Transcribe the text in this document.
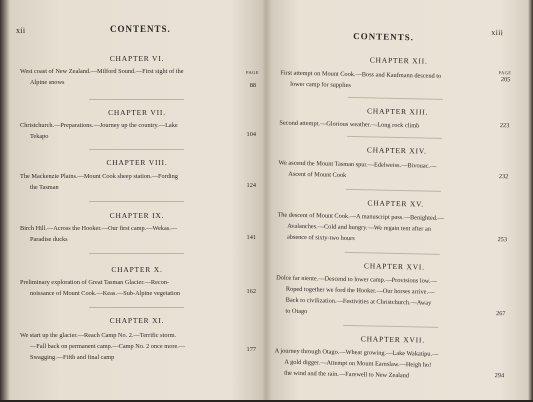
xii	CONTENTS.
CHAPTER VI.
West coast of New Zealand.—Milford Sound.—First sight of the
Alpine snows
PAGE
88
CHAPTER VII.
Christchurch.—Preparations.—Journey up the country.—Lake
Tekapo	104
CHAPTER VIII.
The Mackenzie Plains.—Mount Cook sheep station.—Fording
the Tasman	124
CHAPTER IX.
Birch Hill.—Across the Hooker.—Our first camp.—Wekas.—
Paradise ducks	141
CHAPTER X.
Preliminary exploration of Great Tasman Glacier.—Recon-
noissance of Mount Cook.—Keas.—Sub-Alpine vegetation	162
CHAPTER XI.
We start up the glacier.—Reach Camp No. 2.—Terrific storm.
—Fall back on permanent camp.—Camp No. 2 once more.—
Swagging.—Fifth and final camp
177
CONTENTS.	xiii
CHAPTER XII.
PAGE
First attempt on Mount Cook.—Boss and Kaufmann descend to
lower camp for supplies
205
CHAPTER XIII.
Second attempt.—Glorious weather.—Long rock climb	223
CHAPTER XIV.
We ascend the Mount Tasman spur.—Edelweiss.—Bivouac.—
Ascent of Mount Cook	232
CHAPTER XV.
The descent of Mount Cook.—A manuscript pass.—Benighted.—
Avalanches.—Cold and hungry.—We regain tent after an
absence of sixty-two hours	253
CHAPTER XVI.
Dolce far niente.—Descend to lower camp.—Provisions low.—
Roped together we ford the Hooker.—Our horses arrive.—
Back to civilization.—Festivities at Christchurch.—Away
to Otago	267
CHAPTER XVII.
A journey through Otago.—Wheat growing.—Lake Wakatipu.—
A gold digger.—Attempt on Mount Earnslaw.—Heigh ho!
the wind and the rain.—Farewell to New Zealand	294
